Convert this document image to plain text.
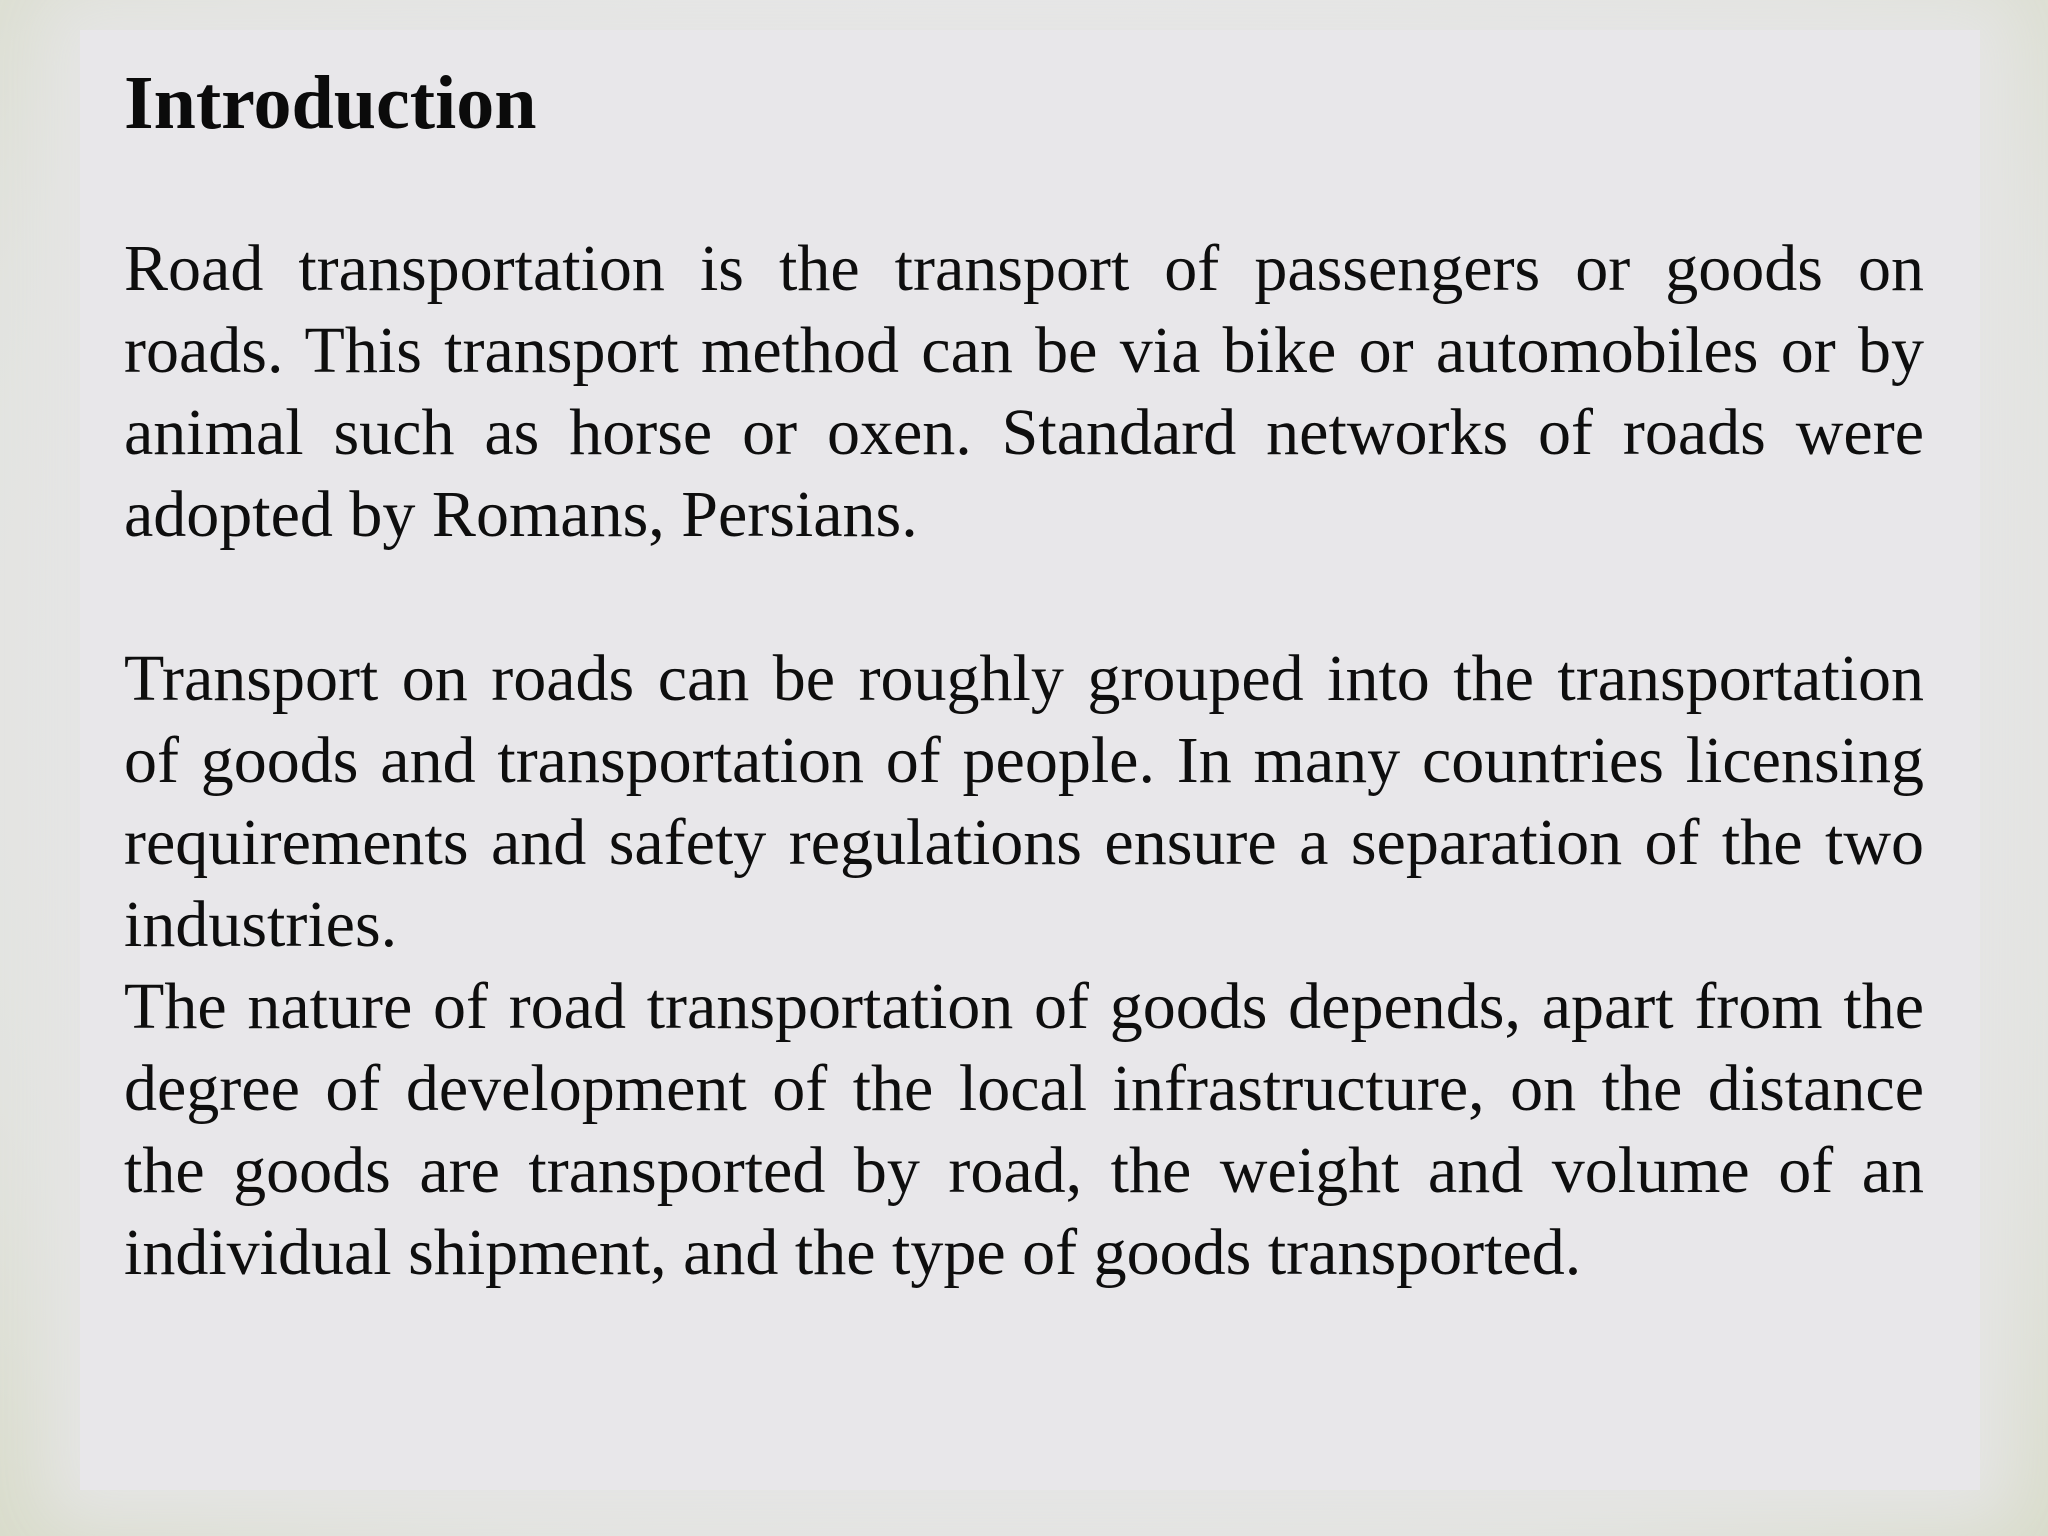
Introduction

Road transportation is the transport of passengers or goods on roads. This transport method can be via bike or automobiles or by animal such as horse or oxen. Standard networks of roads were adopted by Romans, Persians.

Transport on roads can be roughly grouped into the transportation of goods and transportation of people. In many countries licensing requirements and safety regulations ensure a separation of the two industries.

The nature of road transportation of goods depends, apart from the degree of development of the local infrastructure, on the distance the goods are transported by road, the weight and volume of an individual shipment, and the type of goods transported.
